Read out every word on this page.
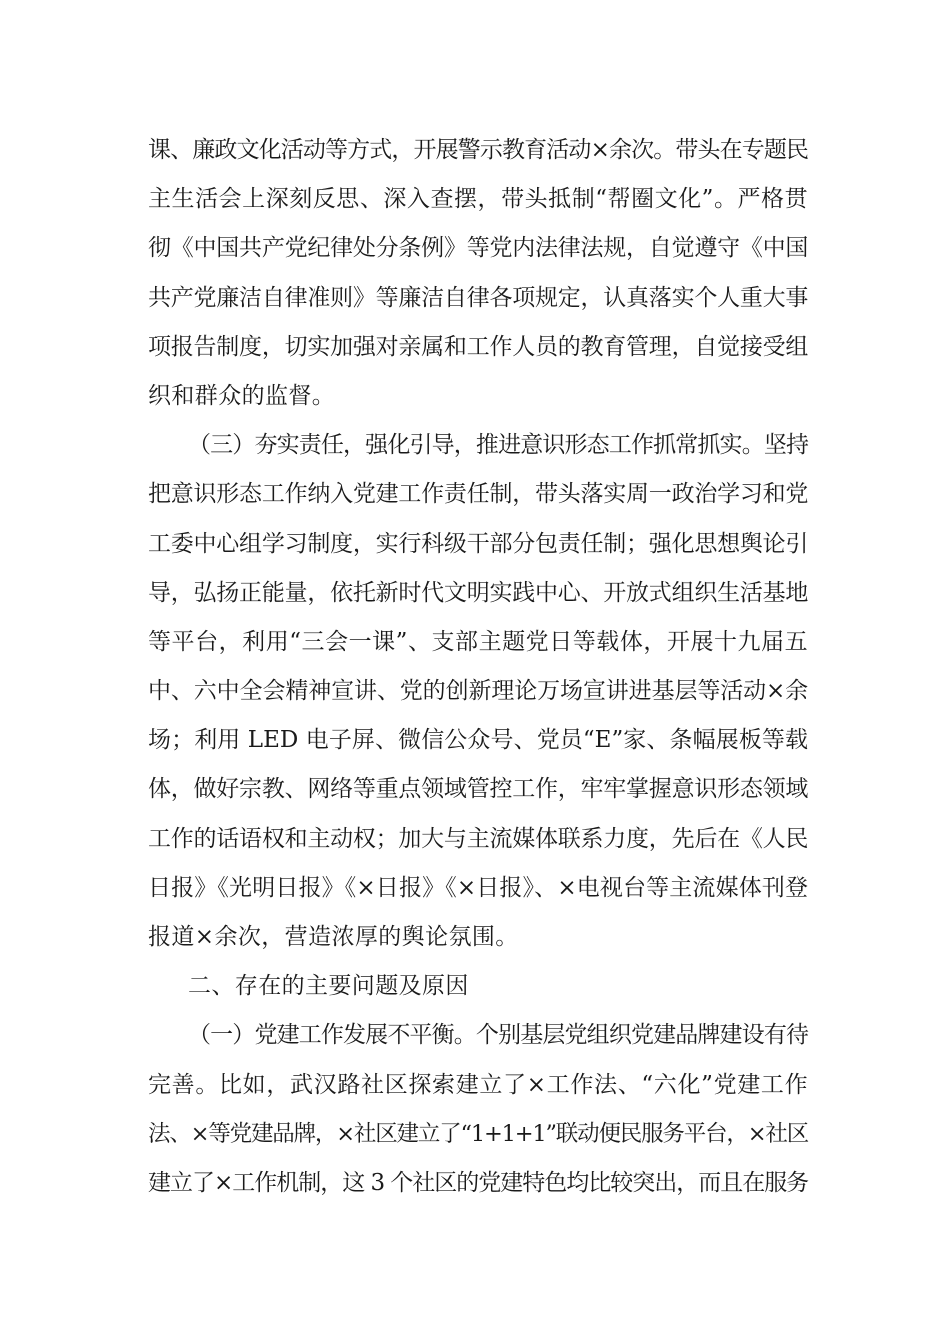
课、廉政文化活动等方式，开展警示教育活动×余次。带头在专题民
主生活会上深刻反思、深入查摆，带头抵制“帮圈文化”。严格贯
彻《中国共产党纪律处分条例》等党内法律法规，自觉遵守《中国
共产党廉洁自律准则》等廉洁自律各项规定，认真落实个人重大事
项报告制度，切实加强对亲属和工作人员的教育管理，自觉接受组
织和群众的监督。
（三）夯实责任，强化引导，推进意识形态工作抓常抓实。坚持
把意识形态工作纳入党建工作责任制，带头落实周一政治学习和党
工委中心组学习制度，实行科级干部分包责任制；强化思想舆论引
导，弘扬正能量，依托新时代文明实践中心、开放式组织生活基地
等平台，利用“三会一课”、支部主题党日等载体，开展十九届五
中、六中全会精神宣讲、党的创新理论万场宣讲进基层等活动×余
场；利用 LED 电子屏、微信公众号、党员“E”家、条幅展板等载
体，做好宗教、网络等重点领域管控工作，牢牢掌握意识形态领域
工作的话语权和主动权；加大与主流媒体联系力度，先后在《人民
日报》《光明日报》《×日报》《×日报》、×电视台等主流媒体刊登
报道×余次，营造浓厚的舆论氛围。
二、存在的主要问题及原因
（一）党建工作发展不平衡。个别基层党组织党建品牌建设有待
完善。比如，武汉路社区探索建立了×工作法、“六化”党建工作
法、×等党建品牌，×社区建立了“1+1+1”联动便民服务平台，×社区
建立了×工作机制，这 3 个社区的党建特色均比较突出，而且在服务
